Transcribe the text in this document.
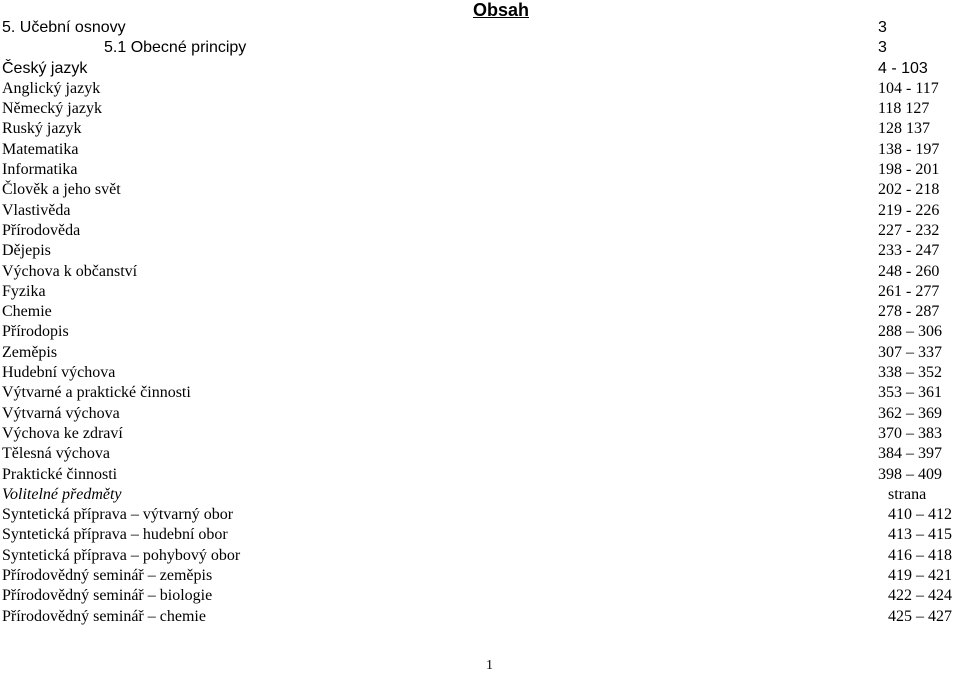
Obsah
5. Učební osnovy	3
5.1 Obecné principy	3
Český jazyk	4 - 103
Anglický jazyk	104 - 117
Německý jazyk	118 127
Ruský jazyk	128 137
Matematika	138 - 197
Informatika	198 - 201
Člověk a jeho svět	202 - 218
Vlastivěda	219 - 226
Přírodověda	227 - 232
Dějepis	233 - 247
Výchova k občanství	248 - 260
Fyzika	261 - 277
Chemie	278 - 287
Přírodopis	288 – 306
Zeměpis	307 – 337
Hudební výchova	338 – 352
Výtvarné a praktické činnosti	353 – 361
Výtvarná výchova	362 – 369
Výchova ke zdraví	370 – 383
Tělesná výchova	384 – 397
Praktické činnosti	398 – 409
Volitelné předměty	strana
Syntetická příprava – výtvarný obor	410 – 412
Syntetická příprava – hudební obor	413 – 415
Syntetická příprava – pohybový obor	416 – 418
Přírodovědný seminář – zeměpis	419 – 421
Přírodovědný seminář – biologie	422 – 424
Přírodovědný seminář – chemie	425 – 427
1
